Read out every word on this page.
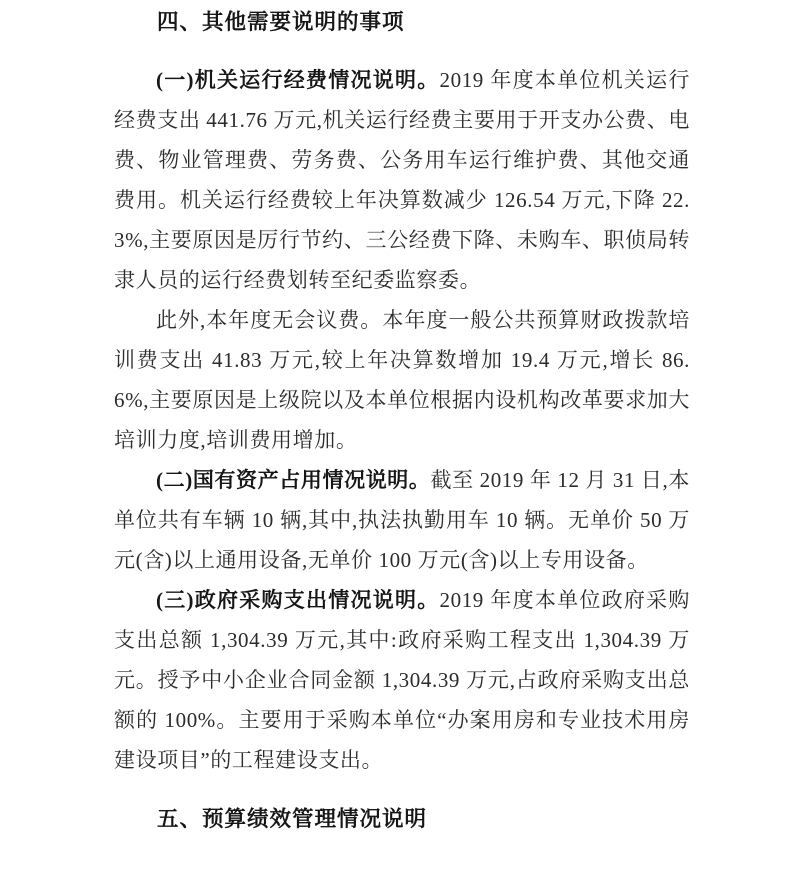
四、其他需要说明的事项

(一)机关运行经费情况说明。2019 年度本单位机关运行经费支出 441.76 万元,机关运行经费主要用于开支办公费、电费、物业管理费、劳务费、公务用车运行维护费、其他交通费用。机关运行经费较上年决算数减少 126.54 万元,下降 22.3%,主要原因是厉行节约、三公经费下降、未购车、职侦局转隶人员的运行经费划转至纪委监察委。

此外,本年度无会议费。本年度一般公共预算财政拨款培训费支出 41.83 万元,较上年决算数增加 19.4 万元,增长 86.6%,主要原因是上级院以及本单位根据内设机构改革要求加大培训力度,培训费用增加。

(二)国有资产占用情况说明。截至 2019 年 12 月 31 日,本单位共有车辆 10 辆,其中,执法执勤用车 10 辆。无单价 50 万元(含)以上通用设备,无单价 100 万元(含)以上专用设备。

(三)政府采购支出情况说明。2019 年度本单位政府采购支出总额 1,304.39 万元,其中:政府采购工程支出 1,304.39 万元。授予中小企业合同金额 1,304.39 万元,占政府采购支出总额的 100%。主要用于采购本单位“办案用房和专业技术用房建设项目”的工程建设支出。

五、预算绩效管理情况说明
